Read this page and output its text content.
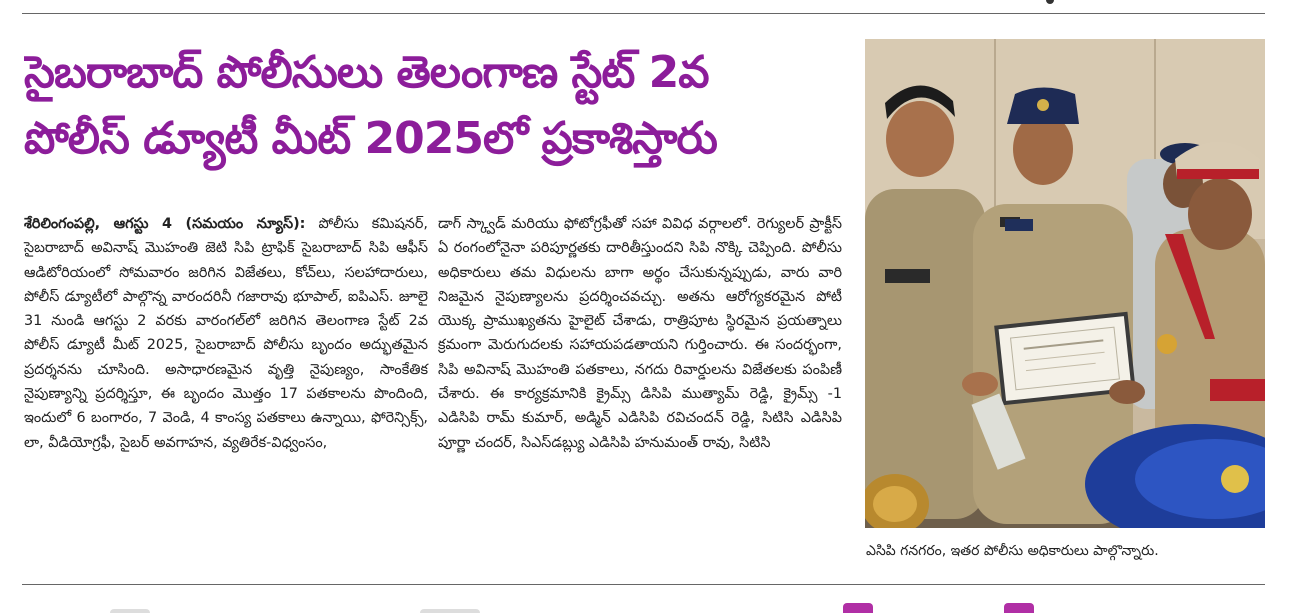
సైబరాబాద్ పోలీసులు తెలంగాణ స్టేట్ 2వ
పోలీస్ డ్యూటీ మీట్ 2025లో ప్రకాశిస్తారు

శేరిలింగంపల్లి, ఆగస్టు 4 (సమయం న్యూస్): పోలీసు కమిషనర్, సైబరాబాద్ అవినాష్ మొహంతి జెటి సిపి ట్రాఫిక్ సైబరాబాద్ సిపి ఆఫీస్ ఆడిటోరియంలో సోమవారం జరిగిన విజేతలు, కోచ్‌లు, సలహాదారులు, పోలీస్ డ్యూటీలో పాల్గొన్న వారందరినీ గజారావు భూపాల్, ఐపిఎస్. జూలై 31 నుండి ఆగస్టు 2 వరకు వారంగల్‌లో జరిగిన తెలంగాణ స్టేట్ 2వ పోలీస్ డ్యూటీ మీట్ 2025, సైబరాబాద్ పోలీసు బృందం అద్భుతమైన ప్రదర్శనను చూసింది. అసాధారణమైన వృత్తి నైపుణ్యం, సాంకేతిక నైపుణ్యాన్ని ప్రదర్శిస్తూ, ఈ బృందం మొత్తం 17 పతకాలను పొందింది, ఇందులో 6 బంగారం, 7 వెండి, 4 కాంస్య పతకాలు ఉన్నాయి, ఫోరెన్సిక్స్, లా, వీడియోగ్రఫీ, సైబర్ అవగాహన, వ్యతిరేక-విధ్వంసం,

డాగ్ స్క్వాడ్ మరియు ఫోటోగ్రఫీతో సహా వివిధ వర్గాలలో. రెగ్యులర్ ప్రాక్టీస్ ఏ రంగంలోనైనా పరిపూర్ణతకు దారితీస్తుందని సిపి నొక్కి చెప్పింది. పోలీసు అధికారులు తమ విధులను బాగా అర్థం చేసుకున్నప్పుడు, వారు వారి నిజమైన నైపుణ్యాలను ప్రదర్శించవచ్చు. అతను ఆరోగ్యకరమైన పోటీ యొక్క ప్రాముఖ్యతను హైలైట్ చేశాడు, రాత్రిపూట స్థిరమైన ప్రయత్నాలు క్రమంగా మెరుగుదలకు సహాయపడతాయని గుర్తించారు. ఈ సందర్భంగా, సిపి అవినాష్ మొహంతి పతకాలు, నగదు రివార్డులను విజేతలకు పంపిణీ చేశారు. ఈ కార్యక్రమానికి క్రైమ్స్ డిసిపి ముత్యామ్ రెడ్డి, క్రైమ్స్ -1 ఎడిసిపి రామ్ కుమార్, అడ్మిన్ ఎడిసిపి రవిచందన్ రెడ్డి, సిటిసి ఎడిసిపి పూర్ణా చందర్, సిఎస్‌డబ్ల్యు ఎడిసిపి హనుమంత్ రావు, సిటిసి

ఎసిపి గనగరం, ఇతర పోలీసు అధికారులు పాల్గొన్నారు.
